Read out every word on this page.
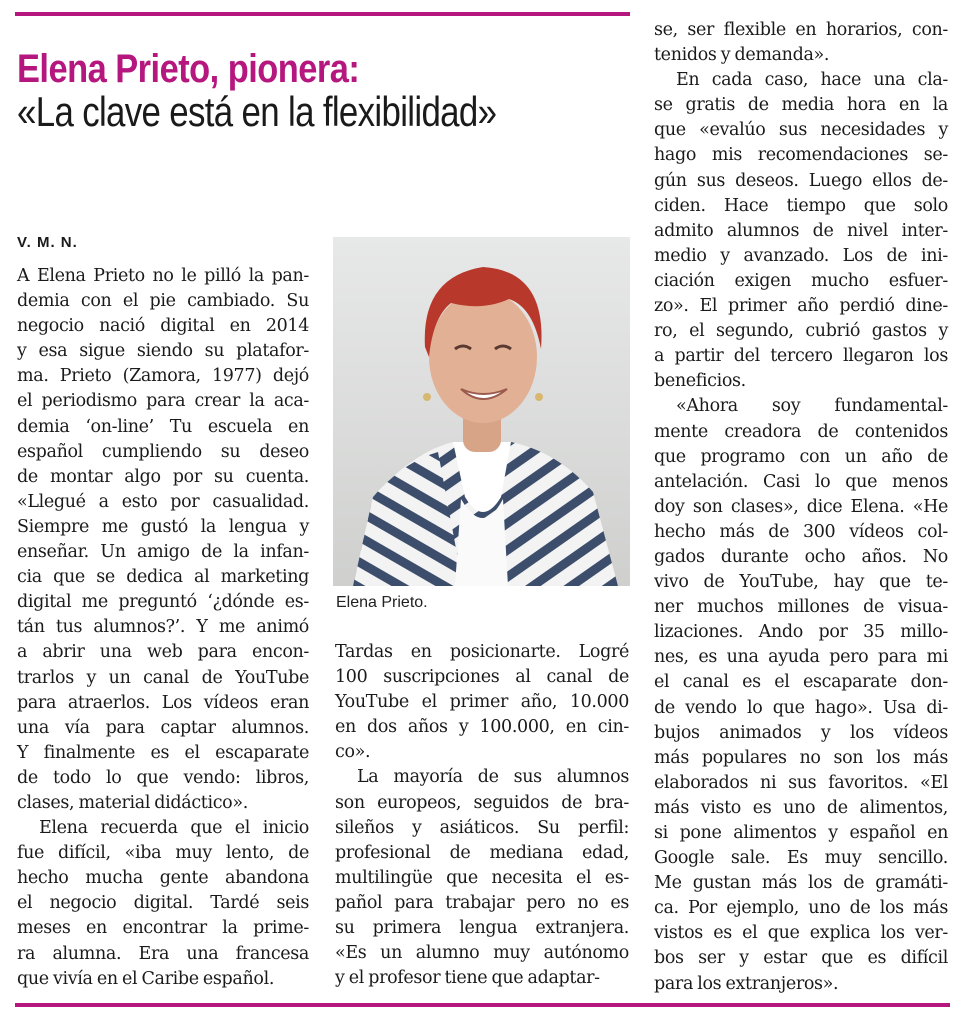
Elena Prieto, pionera:
«La clave está en la flexibilidad»
V. M. N.
A Elena Prieto no le pilló la pan-
demia con el pie cambiado. Su
negocio nació digital en 2014
y esa sigue siendo su platafor-
ma. Prieto (Zamora, 1977) dejó
el periodismo para crear la aca-
demia ‘on-line’ Tu escuela en
español cumpliendo su deseo
de montar algo por su cuenta.
«Llegué a esto por casualidad.
Siempre me gustó la lengua y
enseñar. Un amigo de la infan-
cia que se dedica al marketing
digital me preguntó ‘¿dónde es-
tán tus alumnos?’. Y me animó
a abrir una web para encon-
trarlos y un canal de YouTube
para atraerlos. Los vídeos eran
una vía para captar alumnos.
Y finalmente es el escaparate
de todo lo que vendo: libros,
clases, material didáctico».
Elena recuerda que el inicio
fue difícil, «iba muy lento, de
hecho mucha gente abandona
el negocio digital. Tardé seis
meses en encontrar la prime-
ra alumna. Era una francesa
que vivía en el Caribe español.
Elena Prieto.
Tardas en posicionarte. Logré
100 suscripciones al canal de
YouTube el primer año, 10.000
en dos años y 100.000, en cin-
co».
La mayoría de sus alumnos
son europeos, seguidos de bra-
sileños y asiáticos. Su perfil:
profesional de mediana edad,
multilingüe que necesita el es-
pañol para trabajar pero no es
su primera lengua extranjera.
«Es un alumno muy autónomo
y el profesor tiene que adaptar-
se, ser flexible en horarios, con-
tenidos y demanda».
En cada caso, hace una cla-
se gratis de media hora en la
que «evalúo sus necesidades y
hago mis recomendaciones se-
gún sus deseos. Luego ellos de-
ciden. Hace tiempo que solo
admito alumnos de nivel inter-
medio y avanzado. Los de ini-
ciación exigen mucho esfuer-
zo». El primer año perdió dine-
ro, el segundo, cubrió gastos y
a partir del tercero llegaron los
beneficios.
«Ahora soy fundamental-
mente creadora de contenidos
que programo con un año de
antelación. Casi lo que menos
doy son clases», dice Elena. «He
hecho más de 300 vídeos col-
gados durante ocho años. No
vivo de YouTube, hay que te-
ner muchos millones de visua-
lizaciones. Ando por 35 millo-
nes, es una ayuda pero para mi
el canal es el escaparate don-
de vendo lo que hago». Usa di-
bujos animados y los vídeos
más populares no son los más
elaborados ni sus favoritos. «El
más visto es uno de alimentos,
si pone alimentos y español en
Google sale. Es muy sencillo.
Me gustan más los de gramáti-
ca. Por ejemplo, uno de los más
vistos es el que explica los ver-
bos ser y estar que es difícil
para los extranjeros».
